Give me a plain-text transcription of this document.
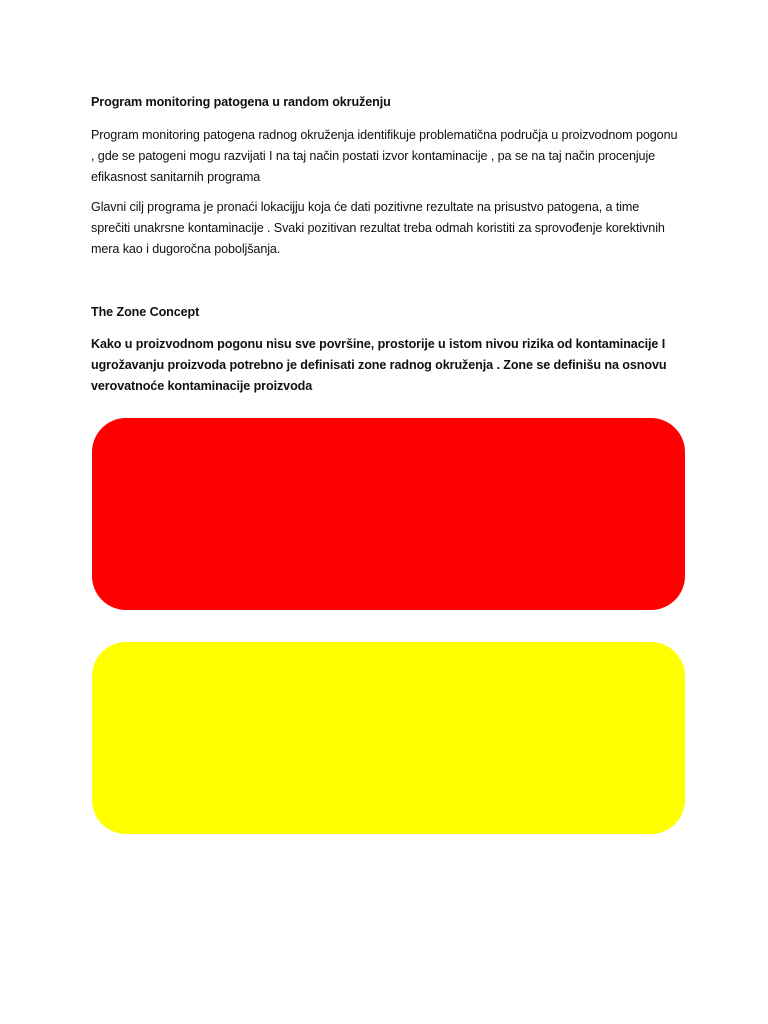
Program monitoring patogena u random okruženju
Program monitoring patogena radnog okruženja identifikuje problematična područja u proizvodnom pogonu , gde se patogeni mogu razvijati I na taj način postati izvor kontaminacije , pa se na taj način procenjuje efikasnost sanitarnih programa
Glavni cilj programa je pronaći lokacijju koja će dati pozitivne rezultate na prisustvo patogena, a time sprečiti unakrsne kontaminacije . Svaki pozitivan rezultat treba odmah koristiti za sprovođenje korektivnih mera kao i dugoročna poboljšanja.
The Zone Concept
Kako u proizvodnom pogonu nisu sve površine, prostorije u istom nivou rizika od kontaminacije I ugrožavanju proizvoda potrebno je definisati zone radnog okruženja . Zone se definišu na osnovu verovatnoće kontaminacije proizvoda
